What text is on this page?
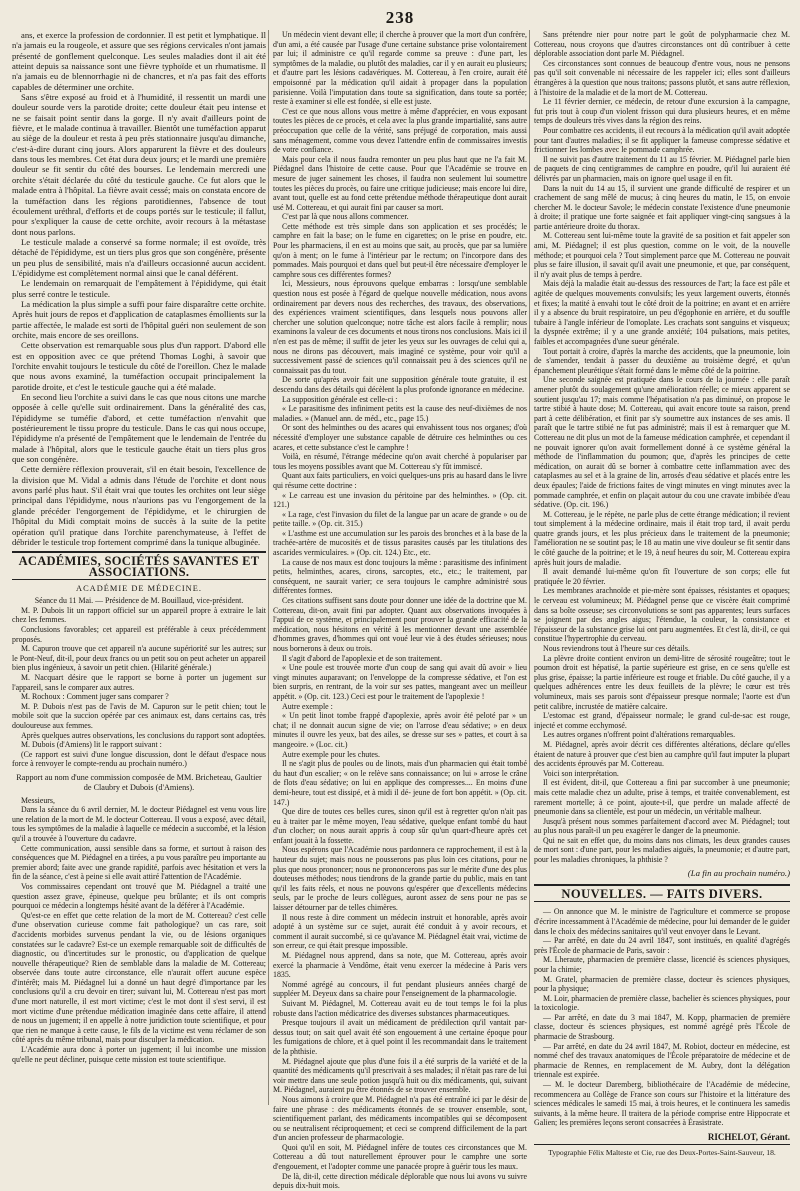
238

ans, et exerce la profession de cordonnier. Il est petit et lymphatique. Il n'a jamais eu la rougeole, et assure que ses régions cervicales n'ont jamais présenté de gonflement quelconque. Les seules maladies dont il ait été atteint depuis sa naissance sont une fièvre typhoïde et un rhumatisme. Il n'a jamais eu de blennorrhagie ni de chancres, et n'a pas fait des efforts capables de déterminer une orchite.

Sans s'être exposé au froid et à l'humidité, il ressentit un mardi une douleur sourde vers la parotide droite; cette douleur était peu intense et ne se faisait point sentir dans la gorge. Il n'y avait d'ailleurs point de fièvre, et le malade continua à travailler. Bientôt une tuméfaction apparut au siège de la douleur et resta à peu près stationnaire jusqu'au dimanche, c'est-à-dire durant cinq jours. Alors apparurent la fièvre et des douleurs dans tous les membres. Cet état dura deux jours; et le mardi une première douleur se fit sentir du côté des bourses. Le lendemain mercredi une orchite s'était déclarée du côté du testicule gauche. Ce fut alors que le malade entra à l'hôpital. La fièvre avait cessé; mais on constata encore de la tuméfaction dans les régions parotidiennes, l'absence de tout écoulement uréthral, d'efforts et de coups portés sur le testicule; il fallut, pour s'expliquer la cause de cette orchite, avoir recours à la métastase dont nous parlons.

Le testicule malade a conservé sa forme normale; il est ovoïde, très détaché de l'épididyme, est un tiers plus gros que son congénère, présente un peu plus de sensibilité, mais n'a d'ailleurs occasionné aucun accident. L'épididyme est complètement normal ainsi que le canal déférent.

Le lendemain on remarquait de l'empâtement à l'épididyme, qui était plus serré contre le testicule.

La médication la plus simple a suffi pour faire disparaître cette orchite. Après huit jours de repos et d'application de cataplasmes émollients sur la partie affectée, le malade est sorti de l'hôpital guéri non seulement de son orchite, mais encore de ses oreillons.

Cette observation est remarquable sous plus d'un rapport. D'abord elle est en opposition avec ce que prétend Thomas Loghi, à savoir que l'orchite envahit toujours le testicule du côté de l'oreillon. Chez le malade que nous avons examiné, la tuméfaction occupait principalement la parotide droite, et c'est le testicule gauche qui a été malade.

En second lieu l'orchite a suivi dans le cas que nous citons une marche opposée à celle qu'elle suit ordinairement. Dans la généralité des cas, l'épididyme se tuméfie d'abord, et cette tuméfaction n'envahit que postérieurement le tissu propre du testicule. Dans le cas qui nous occupe, l'épididyme n'a présenté de l'empâtement que le lendemain de l'entrée du malade à l'hôpital, alors que le testicule gauche était un tiers plus gros que son congénère.

Cette dernière réflexion prouverait, s'il en était besoin, l'excellence de la division que M. Vidal a admis dans l'étude de l'orchite et dont nous avons parlé plus haut. S'il était vrai que toutes les orchites ont leur siège principal dans l'épididyme, nous n'aurions pas vu l'engorgement de la glande précéder l'engorgement de l'épididyme, et le chirurgien de l'hôpital du Midi comptait moins de succès à la suite de la petite opération qu'il pratique dans l'orchite parenchymateuse, à l'effet de débrider le testicule trop fortement comprimé dans la tunique albuginée.

ACADÉMIES, SOCIÉTÉS SAVANTES ET ASSOCIATIONS.
ACADÉMIE DE MÉDECINE.

Séance du 11 Mai. — Présidence de M. Bouillaud, vice-président.

M. P. Dubois lit un rapport officiel sur un appareil propre à extraire le lait chez les femmes.

Conclusions favorables; cet appareil est préférable à ceux précédemment proposés.

M. Capuron trouve que cet appareil n'a aucune supériorité sur les autres; sur le Pont-Neuf, dit-il, pour deux francs ou un petit sou on peut acheter un appareil bien plus ingénieux, à savoir un petit chien. (Hilarité générale.)

M. Nacquart désire que le rapport se borne à porter un jugement sur l'appareil, sans le comparer aux autres.

M. Rochoux : Comment juger sans comparer ?

M. P. Dubois n'est pas de l'avis de M. Capuron sur le petit chien; tout le mobile soit que la succion opérée par ces animaux est, dans certains cas, très douloureuse aux femmes.

Après quelques autres observations, les conclusions du rapport sont adoptées.

M. Dubois (d'Amiens) lit le rapport suivant :

(Ce rapport est suivi d'une longue discussion, dont le défaut d'espace nous force à renvoyer le compte-rendu au prochain numéro.)

Rapport au nom d'une commission composée de MM. Bricheteau, Gaultier de Claubry et Dubois (d'Amiens).

Messieurs,

Dans la séance du 6 avril dernier, M. le docteur Piédagnel est venu vous lire une relation de la mort de M. le docteur Cottereau. Il vous a exposé, avec détail, tous les symptômes de la maladie à laquelle ce médecin a succombé, et la lésion qu'il a trouvée à l'ouverture du cadavre.

Cette communication, aussi sensible dans sa forme, et surtout à raison des conséquences que M. Piédagnel en a tirées, a pu vous paraître peu importante au premier abord; faite avec une grande rapidité, parfois avec hésitation et vers la fin de la séance, c'est à peine si elle avait attiré l'attention de l'Académie.

Vos commissaires cependant ont trouvé que M. Piédagnel a traité une question assez grave, épineuse, quelque peu brûlante; et ils ont compris pourquoi ce médecin a longtemps hésité avant de la déférer à l'Académie.

Qu'est-ce en effet que cette relation de la mort de M. Cottereau? c'est celle d'une observation curieuse comme fait pathologique? un cas rare, soit d'accidents morbides survenus pendant la vie, ou de lésions organiques constatées sur le cadavre? Est-ce un exemple remarquable soit de difficultés de diagnostic, ou d'incertitudes sur le pronostic, ou d'application de quelque nouvelle thérapeutique? Rien de semblable dans la maladie de M. Cottereau; observée dans toute autre circonstance, elle n'aurait offert aucune espèce d'intérêt; mais M. Piédagnel lui a donné un haut degré d'importance par les conclusions qu'il a cru devoir en tirer; suivant lui, M. Cottereau n'est pas mort d'une mort naturelle, il est mort victime; c'est le mot dont il s'est servi, il est mort victime d'une prétendue médication imaginée dans cette affaire, il attend de nous un jugement; il en appelle à notre juridiction toute scientifique, et pour que rien ne manque à cette cause, le fils de la victime est venu réclamer de son côté après du même tribunal, mais pour disculper la médication.

L'Académie aura donc à porter un jugement; il lui incombe une mission qu'elle ne peut décliner, puisque cette mission est toute scientifique.

Un médecin vient devant elle; il cherche à prouver que la mort d'un confrère, d'un ami, a été causée par l'usage d'une certaine substance prise volontairement par lui; il administre ce qu'il regarde comme sa preuve : d'une part, les symptômes de la maladie, ou plutôt des maladies, car il y en aurait eu plusieurs; et d'autre part les lésions cadavériques. M. Cottereau, à l'en croire, aurait été empoisonné par la médication qu'il aidait à propager dans la population parisienne. Voilà l'imputation dans toute sa signification, dans toute sa portée; reste à examiner si elle est fondée, si elle est juste.

C'est ce que nous allons vous mettre à même d'apprécier, en vous exposant toutes les pièces de ce procès, et cela avec la plus grande impartialité, sans autre préoccupation que celle de la vérité, sans préjugé de corporation, mais aussi sans ménagement, comme vous devez l'attendre enfin de commissaires investis de votre confiance.

Mais pour cela il nous faudra remonter un peu plus haut que ne l'a fait M. Piédagnel dans l'histoire de cette cause. Pour que l'Académie se trouve en mesure de juger sainement les choses, il faudra non seulement lui soumettre toutes les pièces du procès, ou faire une critique judicieuse; mais encore lui dire, avant tout, quelle est au fond cette prétendue méthode thérapeutique dont aurait usé M. Cottereau, et qui aurait fini par causer sa mort.

C'est par là que nous allons commencer.

Cette méthode est très simple dans son application et ses procédés; le camphre en fait la base; on le fume en cigarettes; on le prise en poudre, etc. Pour les pharmaciens, il en est au moins que sait, au procès, que par sa lumière qu'on à ment; on le fume à l'intérieur par le rectum; on l'incorpore dans des pommades. Mais pourquoi et dans quel but peut-il être nécessaire d'employer le camphre sous ces différentes formes?

Ici, Messieurs, nous éprouvons quelque embarras : lorsqu'une semblable question nous est posée à l'égard de quelque nouvelle médication, nous avons ordinairement par devers nous des recherches, des travaux, des observations, des expériences vraiment scientifiques, dans lesquels nous pouvons aller chercher une solution quelconque; notre tâche est alors facile à remplir; nous examinons la valeur de ces documents et nous tirons nos conclusions. Mais ici il n'en est pas de même; il suffit de jeter les yeux sur les ouvrages de celui qui a, nous ne dirons pas découvert, mais imaginé ce système, pour voir qu'il a successivement passé de sciences qu'il connaissait peu à des sciences qu'il ne connaissait pas du tout.

De sorte qu'après avoir fait une supposition générale toute gratuite, il est descendu dans des détails qui décèlent la plus profonde ignorance en médecine.

La supposition générale est celle-ci :

« Le parasitisme des infiniment petits est la cause des neuf-dixièmes de nos maladies. » (Manuel ann. de méd., etc., page 15.)

Or sont des helminthes ou des acares qui envahissent tous nos organes; d'où nécessité d'employer une substance capable de détruire ces helminthes ou ces acares, et cette substance c'est le camphre !

Voilà, en résumé, l'étrange médecine qu'on avait cherché à populariser par tous les moyens possibles avant que M. Cottereau s'y fût immiscé.

Quant aux faits particuliers, en voici quelques-uns pris au hasard dans le livre qui résume cette doctrine :

« Le carreau est une invasion du péritoine par des helminthes. » (Op. cit. 121.)

« La rage, c'est l'invasion du filet de la langue par un acare de grande » ou de petite taille. » (Op. cit. 315.)

« L'asthme est une accumulation sur les parois des bronches et à la base de la trachée-artère de mucosités et de tissus parasites causés par les titulations des ascarides vermiculaires. » (Op. cit. 124.) Etc., etc.

La cause de nos maux est donc toujours la même : parasitisme des infiniment petits, helminthes, acares, cirons, sarcoptes, etc., etc.; le traitement, par conséquent, ne saurait varier; ce sera toujours le camphre administré sous différentes formes.

Ces citations suffisent sans doute pour donner une idée de la doctrine que M. Cottereau, dit-on, avait fini par adopter. Quant aux observations invoquées à l'appui de ce système, et principalement pour prouver la grande efficacité de la médication, nous hésitons en vérité à les mentionner devant une assemblée d'hommes graves, d'hommes qui ont voué leur vie à des études sérieuses; nous nous bornerons à deux ou trois.

Il s'agit d'abord de l'apoplexie et de son traitement.

« Une poule est trouvée morte d'un coup de sang qui avait dû avoir » lieu vingt minutes auparavant; on l'enveloppe de la compresse sédative, et l'on est bien surpris, en rentrant, de la voir sur ses pattes, mangeant avec un meilleur appétit. » (Op. cit. 123.) Ceci est pour le traitement de l'apoplexie !

Autre exemple :

« Un petit linot tombe frappé d'apoplexie, après avoir été peloté par » un chat; il ne donnait aucun signe de vie; on l'arrose d'eau sédative; » en deux minutes il ouvre les yeux, bat des ailes, se dresse sur ses » pattes, et court à sa mangeoire. » (Loc. cit.)

Autre exemple pour les chutes.

Il ne s'agit plus de poules ou de linots, mais d'un pharmacien qui était tombé du haut d'un escalier; « on le relève sans connaissance; on lui » arrose le crâne de flots d'eau sédative; on lui en applique des compresses.... En moins d'une demi-heure, tout est dissipé, et à midi il dé- jeune de fort bon appétit. » (Op. cit. 147.)

Que dire de toutes ces belles cures, sinon qu'il est à regretter qu'on n'ait pas eu à traiter par le même moyen, l'eau sédative, quelque enfant tombé du haut d'un clocher; on nous aurait appris à coup sûr qu'un quart-d'heure après cet enfant jouait à la fossette.

Nous espérons que l'Académie nous pardonnera ce rapprochement, il est à la hauteur du sujet; mais nous ne pousserons pas plus loin ces citations, pour ne plus que nous prononcer; nous ne prononcerons pas sur le mérite d'une des plus douteuses méthodes; nous tiendrons de la grande partie du public, mais en tant qu'il les faits réels, et nous ne pouvons qu'espérer que d'excellents médecins seuls, par le proche de leurs collègues, auront assez de sens pour ne pas se laisser détourner par de telles chimères.

Il nous reste à dire comment un médecin instruit et honorable, après avoir adopté à un système sur ce sujet, aurait été conduit à y avoir recours, et comment il aurait succombé, si ce qu'avance M. Piédagnel était vrai, victime de son erreur, ce qui était presque impossible.

M. Piédagnel nous apprend, dans sa note, que M. Cottereau, après avoir exercé la pharmacie à Vendôme, était venu exercer la médecine à Paris vers 1835.

Nommé agrégé au concours, il fut pendant plusieurs années chargé de suppléer M. Deyeux dans sa chaire pour l'enseignement de la pharmacologie.

Suivant M. Piédagnel, M. Cottereau avait eu de tout temps le foi la plus robuste dans l'action médicatrice des diverses substances pharmaceutiques.

Presque toujours il avait un médicament de prédilection qu'il vantait par-dessus tout; on sait quel avait été son engouement à une certaine époque pour les fumigations de chlore, et à quel point il les recommandait dans le traitement de la phthisie.

M. Piédagnel ajoute que plus d'une fois il a été surpris de la variété et de la quantité des médicaments qu'il prescrivait à ses malades; il n'était pas rare de lui voir mettre dans une seule potion jusqu'à huit ou dix médicaments, qui, suivant M. Piédagnel, auraient pu être étonnés de se trouver ensemble.

Nous aimons à croire que M. Piédagnel n'a pas été entraîné ici par le désir de faire une phrase : des médicaments étonnés de se trouver ensemble, sont, scientifiquement parlant, des médicaments incompatibles qui se décomposent ou se neutralisent réciproquement; et ceci se comprend difficilement de la part d'un ancien professeur de pharmacologie.

Quoi qu'il en soit, M. Piédagnel infère de toutes ces circonstances que M. Cottereau a dû tout naturellement éprouver pour le camphre une sorte d'engouement, et l'adopter comme une panacée propre à guérir tous les maux.

De là, dit-il, cette direction médicale déplorable que nous lui avons vu suivre depuis dix-huit mois.

Sans prétendre nier pour notre part le goût de polypharmacie chez M. Cottereau, nous croyons que d'autres circonstances ont dû contribuer à cette déplorable association dont parle M. Piédagnel.

Ces circonstances sont connues de beaucoup d'entre vous, nous ne pensons pas qu'il soit convenable ni nécessaire de les rappeler ici; elles sont d'ailleurs étrangères à la question que nous traitons; passons plutôt, et sans autre réflexion, à l'histoire de la maladie et de la mort de M. Cottereau.

Le 11 février dernier, ce médecin, de retour d'une excursion à la campagne, fut pris tout à coup d'un violent frisson qui dura plusieurs heures, et en même temps de douleurs très vives dans la région des reins.

Pour combattre ces accidents, il eut recours à la médication qu'il avait adoptée pour tant d'autres maladies; il se fit appliquer la fameuse compresse sédative et frictionner les lombes avec le pommade camphrée.

Il ne suivit pas d'autre traitement du 11 au 15 février. M. Piédagnel parle bien de paquets de cinq centigrammes de camphre en poudre, qu'il lui auraient été délivrés par un pharmacien, mais on ignore quel usage il en fit.

Dans la nuit du 14 au 15, il survient une grande difficulté de respirer et un crachement de sang mêlé de mucus; à cinq heures du matin, le 15, on envoie chercher M. le docteur Savole; le médecin constate l'existence d'une pneumonie à droite; il pratique une forte saignée et fait appliquer vingt-cinq sangsues à la partie antérieure droite du thorax.

M. Cottereau sent lui-même toute la gravité de sa position et fait appeler son ami, M. Piédagnel; il est plus question, comme on le voit, de la nouvelle méthode; et pourquoi cela ? Tout simplement parce que M. Cottereau ne pouvait plus se faire illusion, il savait qu'il avait une pneumonie, et que, par conséquent, il n'y avait plus de temps à perdre.

Mais déjà la maladie était au-dessus des ressources de l'art; la face est pâle et agitée de quelques mouvements convulsifs; les yeux largement ouverts, étonnés et fixes; la matité à envahi tout le côté droit de la poitrine; en avant et en arrière il y a absence du bruit respiratoire, un peu d'égophonie en arrière, et du souffle tubaire à l'angle inférieur de l'omoplate. Les crachats sont sanguins et visqueux; la dyspnée extrême; il y a une grande anxiété; 104 pulsations, mais petites, faibles et accompagnées d'une sueur générale.

Tout portait à croire, d'après la marche des accidents, que la pneumonie, loin de s'amender, tendait à passer du deuxième au troisième degré, et qu'un épanchement pleurétique s'était formé dans le même côté de la poitrine.

Une seconde saignée est pratiquée dans le cours de la journée : elle paraît amener plutôt du soulagement qu'une amélioration réelle; ce mieux apparent se soutient jusqu'au 17; mais comme l'hépatisation n'a pas diminué, on propose le tartre stibié à haute dose; M. Cottereau, qui avait encore toute sa raison, prend part à cette délibération, et finit par s'y soumettre aux instances de ses amis. Il paraît que le tartre stibié ne fut pas administré; mais il est à remarquer que M. Cottereau ne dit plus un mot de la fameuse médication camphrée, et cependant il ne pouvait ignorer qu'on avait formellement donné à ce système général la méthode de l'inflammation du poumon; que, d'après les principes de cette médication, on aurait dû se borner à combattre cette inflammation avec des cataplasmes au sel et à la graine de lin, arrosés d'eau sédative et placés entre les deux épaules; l'aide de frictions faites de vingt minutes en vingt minutes avec la pommade camphrée, et enfin on plaçait autour du cou une cravate imbibée d'eau sédative. (Op. cit. 196.)

M. Cottereau, je le répète, ne parle plus de cette étrange médication; il revient tout simplement à la médecine ordinaire, mais il était trop tard, il avait perdu quatre grands jours, et les plus précieux dans le traitement de la pneumonie; l'amélioration ne se soutint pas; le 18 au matin une vive douleur se fit sentir dans le côté gauche de la poitrine; et le 19, à neuf heures du soir, M. Cottereau expira après huit jours de maladie.

Il avait demandé lui-même qu'on fît l'ouverture de son corps; elle fut pratiquée le 20 février.

Les membranes arachnoïde et pie-mère sont épaisses, résistantes et opaques; le cerveau est volumineux; M. Piédagnel pense que ce viscère était comprimé dans sa boîte osseuse; ses circonvolutions se sont pas apparentes; leurs surfaces se joignent par des angles aigus; l'étendue, la couleur, la consistance et l'épaisseur de la substance grise lui ont paru augmentées. Et c'est là, dit-il, ce qui constitue l'hypertrophie du cerveau.

Nous reviendrons tout à l'heure sur ces détails.

La plèvre droite contient environ un demi-litre de sérosité rougeâtre; tout le poumon droit est hépatisé, la partie supérieure est grise, en ce sens qu'elle est plus grise, épaisse; la partie inférieure est rouge et friable. Du côté gauche, il y a quelques adhérences entre les deux feuillets de la plèvre; le cœur est très volumineux, mais ses parois sont d'épaisseur presque normale; l'aorte est d'un petit calibre, incrustée de matière calcaire.

L'estomac est grand, d'épaisseur normale; le grand cul-de-sac est rouge, injecté et comme ecchymosé.

Les autres organes n'offrent point d'altérations remarquables.

M. Piédagnel, après avoir décrit ces différentes altérations, déclare qu'elles étaient de nature à prouver que c'est bien au camphre qu'il faut imputer la plupart des accidents éprouvés par M. Cottereau.

Voici son interprétation.

Il est évident, dit-il, que Cottereau a fini par succomber à une pneumonie; mais cette maladie chez un adulte, prise à temps, et traitée convenablement, est rarement mortelle; à ce point, ajoute-t-il, que perdre un malade affecté de pneumonie dans sa clientèle, est pour un médecin, un véritable malheur.

Jusqu'à présent nous sommes parfaitement d'accord avec M. Piédagnel; tout au plus nous paraît-il un peu exagérer le danger de la pneumonie.

Qui ne sait en effet que, du moins dans nos climats, les deux grandes causes de mort sont : d'une part, pour les maladies aiguës, la pneumonie; et d'autre part, pour les maladies chroniques, la phthisie ?

(La fin au prochain numéro.)
NOUVELLES. — FAITS DIVERS.

— On annonce que M. le ministre de l'agriculture et commerce se propose d'écrire incessamment à l'Académie de médecine, pour lui demander de le guider dans le choix des médecins sanitaires qu'il veut envoyer dans le Levant.

— Par arrêté, en date du 24 avril 1847, sont institués, en qualité d'agrégés près l'École de pharmacie de Paris, savoir :

M. Lheraute, pharmacien de première classe, licencié ès sciences physiques, pour la chimie;

M. Gratel, pharmacien de première classe, docteur ès sciences physiques, pour la physique;

M. Loir, pharmacien de première classe, bachelier ès sciences physiques, pour la toxicologie.

— Par arrêté, en date du 3 mai 1847, M. Kopp, pharmacien de première classe, docteur ès sciences physiques, est nommé agrégé près l'École de pharmacie de Strasbourg.

— Par arrêté, en date du 24 avril 1847, M. Robiot, docteur en médecine, est nommé chef des travaux anatomiques de l'École préparatoire de médecine et de pharmacie de Rennes, en remplacement de M. Aubry, dont la délégation triennale est expirée.

— M. le docteur Daremberg, bibliothécaire de l'Académie de médecine, recommencera au Collège de France son cours sur l'histoire et la littérature des sciences médicales le samedi 15 mai, à trois heures, et le continuera les samedis suivants, à la même heure. Il traitera de la période comprise entre Hippocrate et Galien; les premières leçons seront consacrées à Érasistrate.

RICHELOT, Gérant.
Typographie Félix Malteste et Cie, rue des Deux-Portes-Saint-Sauveur, 18.
